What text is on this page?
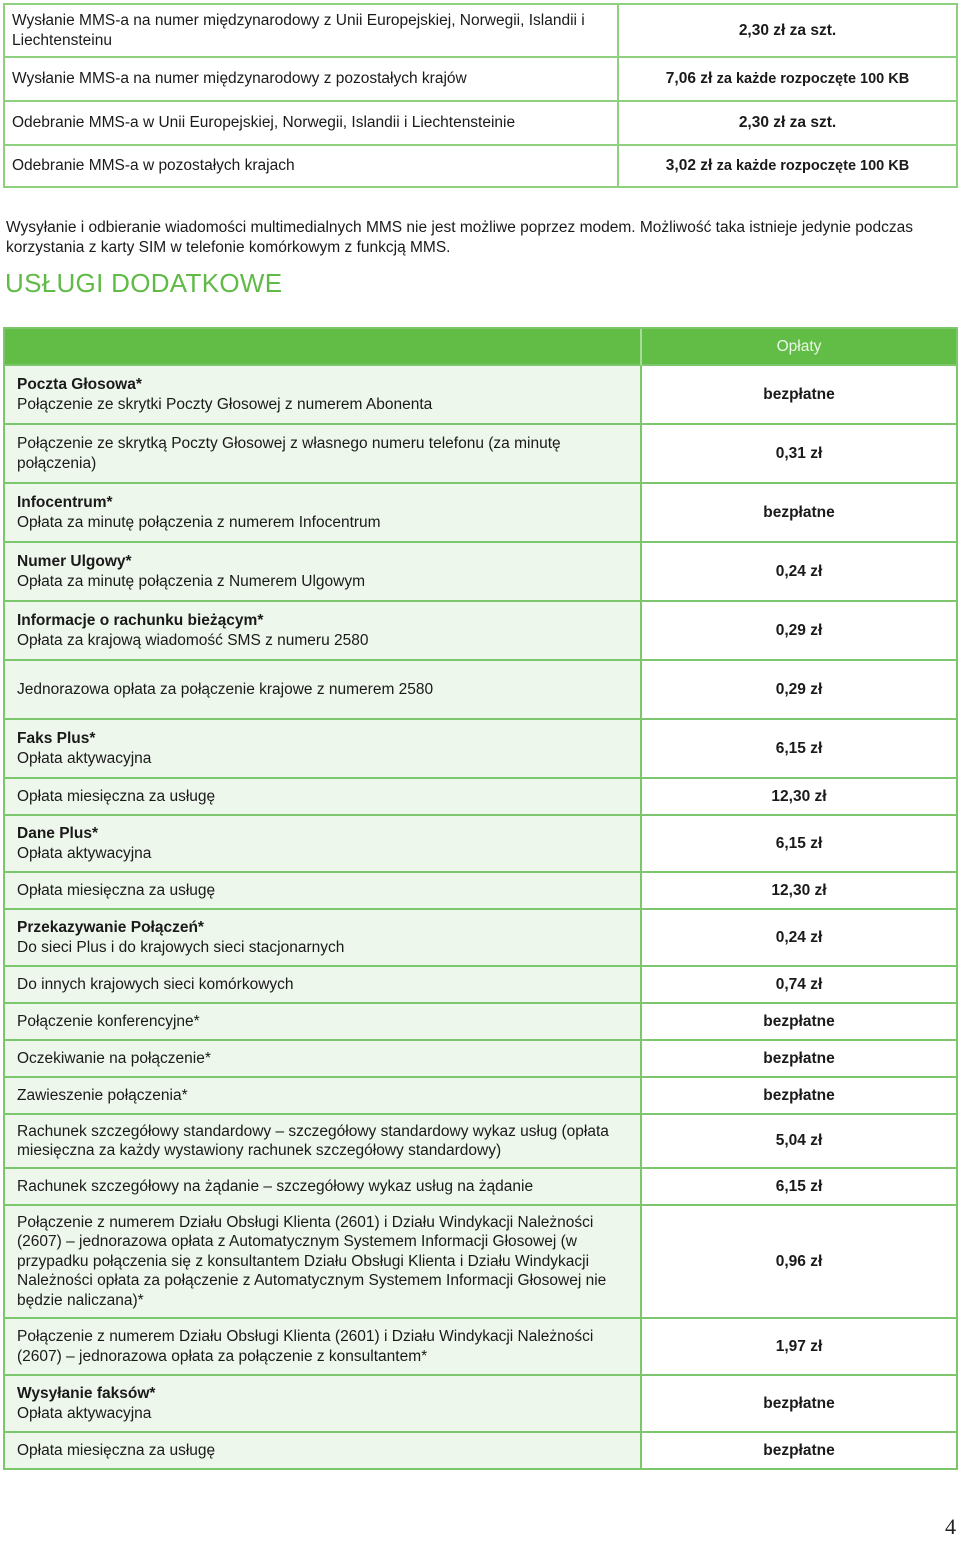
Wysłanie MMS-a na numer międzynarodowy z Unii Europejskiej, Norwegii, Islandii i Liechtensteinu	2,30 zł za szt.
Wysłanie MMS-a na numer międzynarodowy z pozostałych krajów	7,06 zł za każde rozpoczęte 100 KB
Odebranie MMS-a w Unii Europejskiej, Norwegii, Islandii i Liechtensteinie	2,30 zł za szt.
Odebranie MMS-a w pozostałych krajach	3,02 zł za każde rozpoczęte 100 KB

Wysyłanie i odbieranie wiadomości multimedialnych MMS nie jest możliwe poprzez modem. Możliwość taka istnieje jedynie podczas korzystania z karty SIM w telefonie komórkowym z funkcją MMS.

USŁUGI DODATKOWE
	Opłaty

Poczta Głosowa*
Połączenie ze skrytki Poczty Głosowej z numerem Abonenta	bezpłatne

Połączenie ze skrytką Poczty Głosowej z własnego numeru telefonu (za minutę połączenia)	0,31 zł

Infocentrum*
Opłata za minutę połączenia z numerem Infocentrum	bezpłatne

Numer Ulgowy*
Opłata za minutę połączenia z Numerem Ulgowym	0,24 zł

Informacje o rachunku bieżącym*
Opłata za krajową wiadomość SMS z numeru 2580	0,29 zł

Jednorazowa opłata za połączenie krajowe z numerem 2580	0,29 zł

Faks Plus*
Opłata aktywacyjna	6,15 zł

Opłata miesięczna za usługę	12,30 zł

Dane Plus*
Opłata aktywacyjna	6,15 zł

Opłata miesięczna za usługę	12,30 zł

Przekazywanie Połączeń*
Do sieci Plus i do krajowych sieci stacjonarnych	0,24 zł

Do innych krajowych sieci komórkowych	0,74 zł

Połączenie konferencyjne*	bezpłatne

Oczekiwanie na połączenie*	bezpłatne

Zawieszenie połączenia*	bezpłatne

Rachunek szczegółowy standardowy – szczegółowy standardowy wykaz usług (opłata miesięczna za każdy wystawiony rachunek szczegółowy standardowy)	5,04 zł

Rachunek szczegółowy na żądanie – szczegółowy wykaz usług na żądanie	6,15 zł

Połączenie z numerem Działu Obsługi Klienta (2601) i Działu Windykacji Należności (2607) – jednorazowa opłata z Automatycznym Systemem Informacji Głosowej (w przypadku połączenia się z konsultantem Działu Obsługi Klienta i Działu Windykacji Należności opłata za połączenie z Automatycznym Systemem Informacji Głosowej nie będzie naliczana)*	0,96 zł

Połączenie z numerem Działu Obsługi Klienta (2601) i Działu Windykacji Należności (2607) – jednorazowa opłata za połączenie z konsultantem*	1,97 zł

Wysyłanie faksów*
Opłata aktywacyjna	bezpłatne

Opłata miesięczna za usługę	bezpłatne

4
